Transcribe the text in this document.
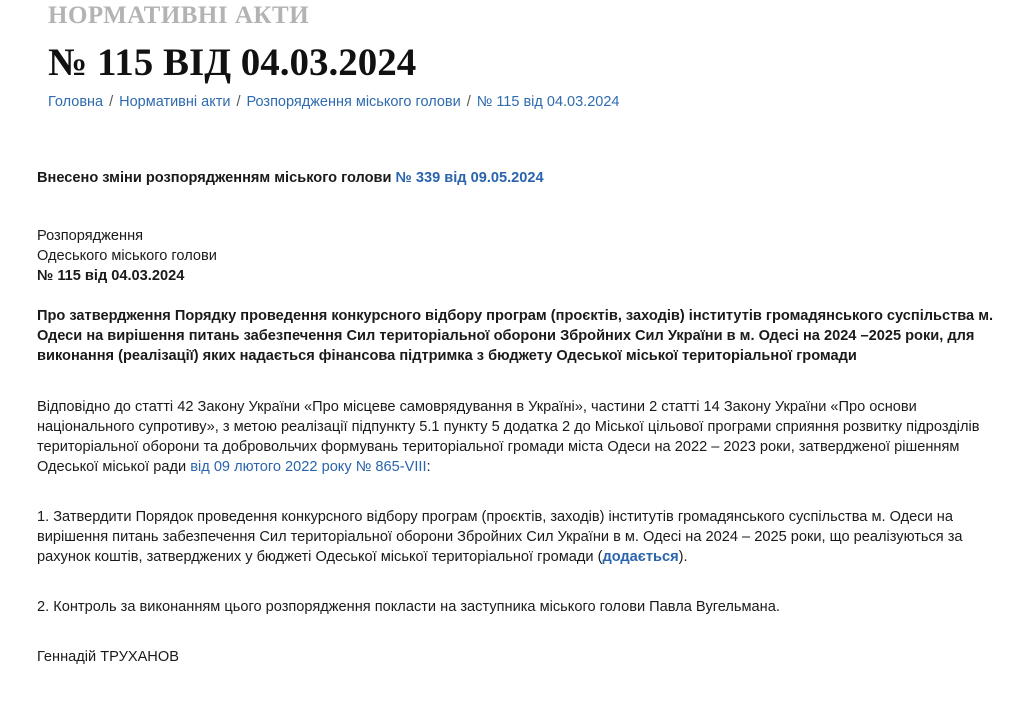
НОРМАТИВНІ АКТИ
№ 115 ВІД 04.03.2024
Головна / Нормативні акти / Розпорядження міського голови / № 115 від 04.03.2024

Внесено зміни розпорядженням міського голови № 339 від 09.05.2024

Розпорядження
Одеського міського голови
№ 115 від 04.03.2024

Про затвердження Порядку проведення конкурсного відбору програм (проєктів, заходів) інститутів громадянського суспільства м. Одеси на вирішення питань забезпечення Сил територіальної оборони Збройних Сил України в м. Одесі на 2024 –2025 роки, для виконання (реалізації) яких надається фінансова підтримка з бюджету Одеської міської територіальної громади

Відповідно до статті 42 Закону України «Про місцеве самоврядування в Україні», частини 2 статті 14 Закону України «Про основи національного супротиву», з метою реалізації підпункту 5.1 пункту 5 додатка 2 до Міської цільової програми сприяння розвитку підрозділів територіальної оборони та добровольчих формувань територіальної громади міста Одеси на 2022 – 2023 роки, затвердженої рішенням Одеської міської ради від 09 лютого 2022 року № 865-VIII:

1. Затвердити Порядок проведення конкурсного відбору програм (проєктів, заходів) інститутів громадянського суспільства м. Одеси на вирішення питань забезпечення Сил територіальної оборони Збройних Сил України в м. Одесі на 2024 – 2025 роки, що реалізуються за рахунок коштів, затверджених у бюджеті Одеської міської територіальної громади (додається).

2. Контроль за виконанням цього розпорядження покласти на заступника міського голови Павла Вугельмана.

Геннадій ТРУХАНОВ
